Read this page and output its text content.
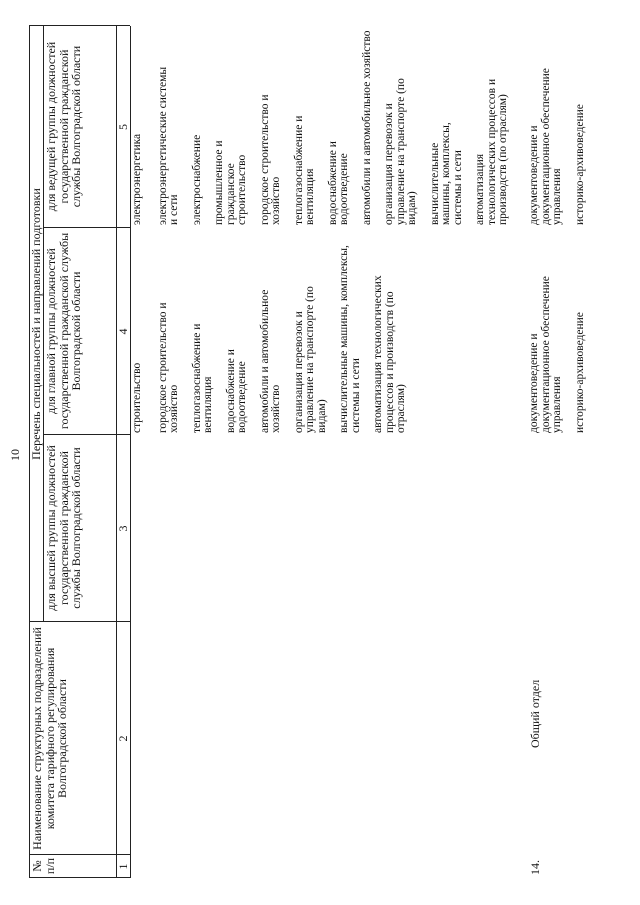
10
№ п/п
Наименование структурных подразделений комитета тарифного регулирования Волгоградской области
Перечень специальностей и направлений подготовки
для высшей группы должностей государственной гражданской службы Волгоградской области
для главной группы должностей государственной гражданской службы Волгоградской области
для ведущей группы должностей государственной гражданской службы Волгоградской области
1
2
3
4
5
строительство городское строительство и хозяйство теплогазоснабжение и вентиляция водоснабжение и водоотведение автомобили и автомобильное хозяйство организация перевозок и управление на транспорте (по видам) вычислительные машины, комплексы, системы и сети автоматизация технологических процессов и производств (по отраслям)
электроэнергетика электроэнергетические системы и сети электроснабжение промышленное и гражданское строительство городское строительство и хозяйство теплогазоснабжение и вентиляция водоснабжение и водоотведение автомобили и автомобильное хозяйство организация перевозок и управление на транспорте (по видам) вычислительные машины, комплексы, системы и сети автоматизация технологических процессов и производств (по отраслям)
14.
Общий отдел
документоведение и документационное обеспечение управления историко-архивоведение
документоведение и документационное обеспечение управления историко-архивоведение
